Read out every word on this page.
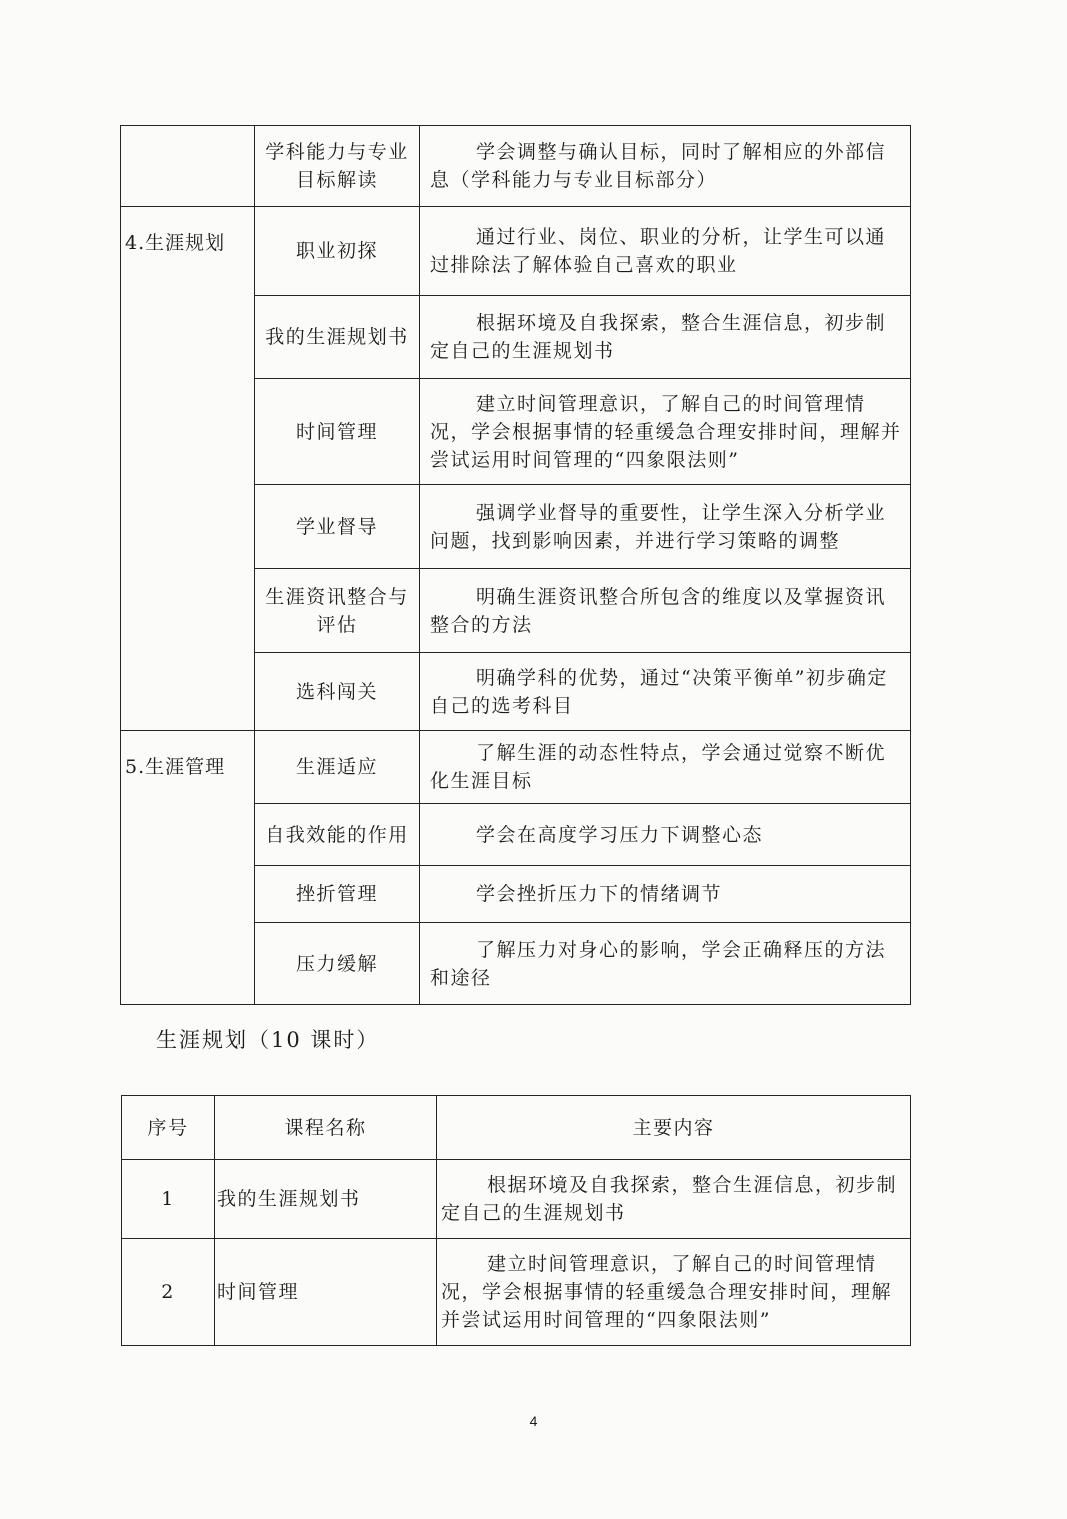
	学科能力与专业目标解读	学会调整与确认目标，同时了解相应的外部信息（学科能力与专业目标部分）
4.生涯规划	职业初探	通过行业、岗位、职业的分析，让学生可以通过排除法了解体验自己喜欢的职业
	我的生涯规划书	根据环境及自我探索，整合生涯信息，初步制定自己的生涯规划书
	时间管理	建立时间管理意识，了解自己的时间管理情况，学会根据事情的轻重缓急合理安排时间，理解并尝试运用时间管理的“四象限法则”
	学业督导	强调学业督导的重要性，让学生深入分析学业问题，找到影响因素，并进行学习策略的调整
	生涯资讯整合与评估	明确生涯资讯整合所包含的维度以及掌握资讯整合的方法
	选科闯关	明确学科的优势，通过“决策平衡单”初步确定自己的选考科目
5.生涯管理	生涯适应	了解生涯的动态性特点，学会通过觉察不断优化生涯目标
	自我效能的作用	学会在高度学习压力下调整心态
	挫折管理	学会挫折压力下的情绪调节
	压力缓解	了解压力对身心的影响，学会正确释压的方法和途径
生涯规划（10 课时）
序号	课程名称	主要内容
1	我的生涯规划书	根据环境及自我探索，整合生涯信息，初步制定自己的生涯规划书
2	时间管理	建立时间管理意识，了解自己的时间管理情况，学会根据事情的轻重缓急合理安排时间，理解并尝试运用时间管理的“四象限法则”
4
